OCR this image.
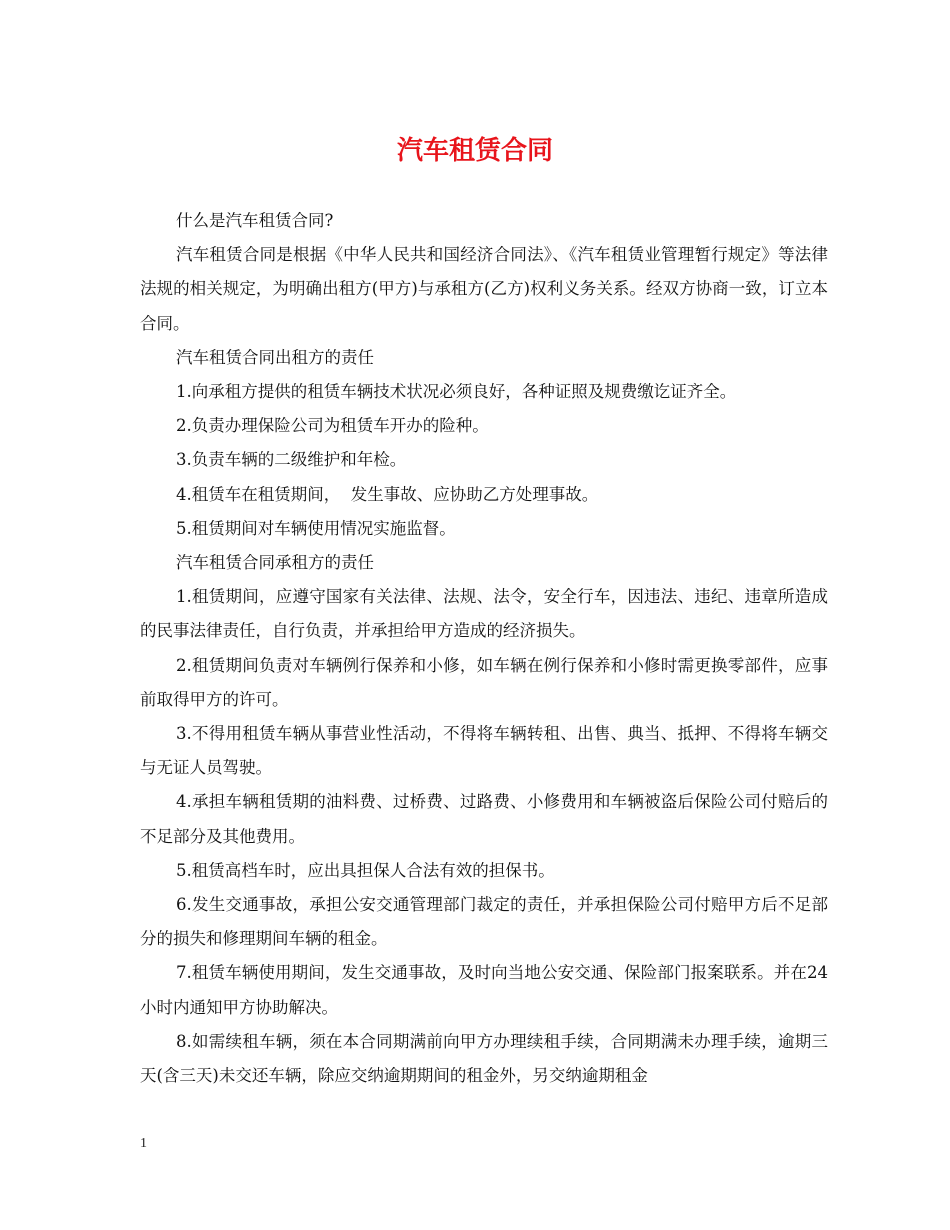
汽车租赁合同

什么是汽车租赁合同?

汽车租赁合同是根据《中华人民共和国经济合同法》、《汽车租赁业管理暂行规定》等法律法规的相关规定，为明确出租方(甲方)与承租方(乙方)权利义务关系。经双方协商一致，订立本合同。

汽车租赁合同出租方的责任

1.向承租方提供的租赁车辆技术状况必须良好，各种证照及规费缴讫证齐全。

2.负责办理保险公司为租赁车开办的险种。

3.负责车辆的二级维护和年检。

4.租赁车在租赁期间，  发生事故、应协助乙方处理事故。

5.租赁期间对车辆使用情况实施监督。

汽车租赁合同承租方的责任

1.租赁期间，应遵守国家有关法律、法规、法令，安全行车，因违法、违纪、违章所造成的民事法律责任，自行负责，并承担给甲方造成的经济损失。

2.租赁期间负责对车辆例行保养和小修，如车辆在例行保养和小修时需更换零部件，应事前取得甲方的许可。

3.不得用租赁车辆从事营业性活动，不得将车辆转租、出售、典当、抵押、不得将车辆交与无证人员驾驶。

4.承担车辆租赁期的油料费、过桥费、过路费、小修费用和车辆被盗后保险公司付赔后的不足部分及其他费用。

5.租赁高档车时，应出具担保人合法有效的担保书。

6.发生交通事故，承担公安交通管理部门裁定的责任，并承担保险公司付赔甲方后不足部分的损失和修理期间车辆的租金。

7.租赁车辆使用期间，发生交通事故，及时向当地公安交通、保险部门报案联系。并在24小时内通知甲方协助解决。

8.如需续租车辆，须在本合同期满前向甲方办理续租手续，合同期满未办理手续，逾期三天(含三天)未交还车辆，除应交纳逾期期间的租金外，另交纳逾期租金

1
